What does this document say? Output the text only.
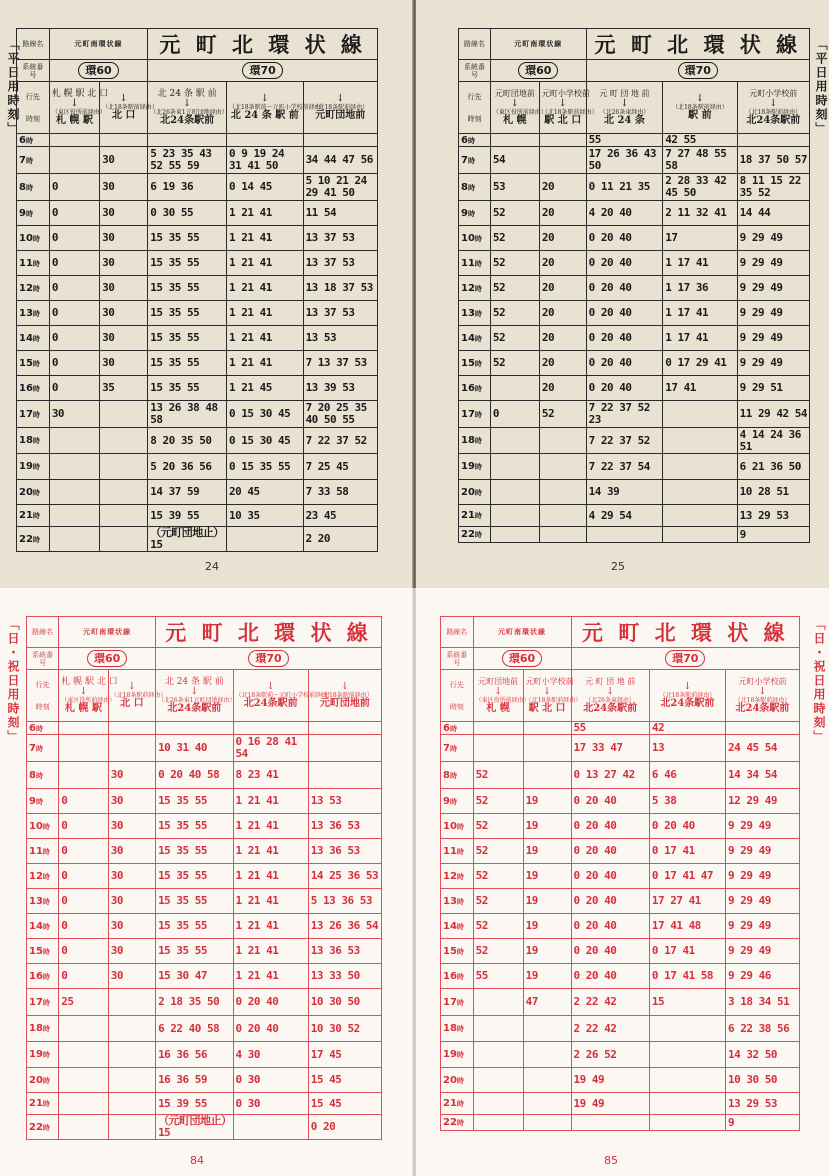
「平日用時刻」 路線名	元町南環状線		元 町 北 環 状 線		
系統番号	環60		環70		

行先
時刻	札 幌 駅 北 口
↓
（東区役所前経由）
札 幌 駅	↓
（北18条駅前経由）
北 口	北 24 条 駅 前
↓
（北26条東1元町団地経由）
北24条駅前	↓
（北18条駅前〜元町小学校前経由）
北 24 条 駅 前	↓
（北18条駅前経由）
元町団地前

6時					
7時		30	5 23 35 43 52 55 59	0 9 19 24 31 41 50	34 44 47 56
8時	0	30	6 19 36	0 14 45	5 10 21 24 29 41 50
9時	0	30	0 30 55	1 21 41	11 54
10時	0	30	15 35 55	1 21 41	13 37 53
11時	0	30	15 35 55	1 21 41	13 37 53
12時	0	30	15 35 55	1 21 41	13 18 37 53
13時	0	30	15 35 55	1 21 41	13 37 53
14時	0	30	15 35 55	1 21 41	13 53
15時	0	30	15 35 55	1 21 41	7 13 37 53
16時	0	35	15 35 55	1 21 45	13 39 53
17時	30		13 26 38 48 58	0 15 30 45	7 20 25 35 40 50 55
18時			8 20 35 50	0 15 30 45	7 22 37 52
19時			5 20 36 56	0 15 35 55	7 25 45
20時			14 37 59	20 45	7 33 58
21時			15 39 55	10 35	23 45
22時			（元町団地止）15		2 20
24
路線名	元町南環状線		元 町 北 環 状 線		
系統番号	環60		環70		

行先
時刻	元町団地前
↓
（東区役所前経由）
札 幌	元町小学校前
↓
（北18条駅前経由）
駅 北 口	元 町 団 地 前
↓
（北26条東経由）
北 24 条	↓
（北18条駅前経由）
駅 前	元町小学校前
↓
（北18条駅前経由）
北24条駅前

6時			55	42 55	
7時	54		17 26 36 43 50	7 27 48 55 58	18 37 50 57
8時	53	20	0 11 21 35	2 28 33 42 45 50	8 11 15 22 35 52
9時	52	20	4 20 40	2 11 32 41	14 44
10時	52	20	0 20 40	17	9 29 49
11時	52	20	0 20 40	1 17 41	9 29 49
12時	52	20	0 20 40	1 17 36	9 29 49
13時	52	20	0 20 40	1 17 41	9 29 49
14時	52	20	0 20 40	1 17 41	9 29 49
15時	52	20	0 20 40	0 17 29 41	9 29 49
16時		20	0 20 40	17 41	9 29 51
17時	0	52	7 22 37 52 23		11 29 42 54
18時			7 22 37 52		4 14 24 36 51
19時			7 22 37 54		6 21 36 50
20時			14 39		10 28 51
21時			4 29 54		13 29 53
22時					9
「平日用時刻」
25
「日・祝日用時刻」 路線名	元町南環状線		元 町 北 環 状 線		
系統番号	環60		環70		

行先
時刻	札 幌 駅 北 口
↓
（東区役所前経由）
札 幌 駅	↓
（北18条駅前経由）
北 口	北 24 条 駅 前
↓
（北26条東1元町団地経由）
北24条駅前	↓
（北18条駅前〜元町小学校前経由）
北24条駅前	↓
（北18条駅前経由）
元町団地前

6時					
7時			10 31 40	0 16 28 41 54	
8時		30	0 20 40 58	8 23 41	
9時	0	30	15 35 55	1 21 41	13 53
10時	0	30	15 35 55	1 21 41	13 36 53
11時	0	30	15 35 55	1 21 41	13 36 53
12時	0	30	15 35 55	1 21 41	14 25 36 53
13時	0	30	15 35 55	1 21 41	5 13 36 53
14時	0	30	15 35 55	1 21 41	13 26 36 54
15時	0	30	15 35 55	1 21 41	13 36 53
16時	0	30	15 30 47	1 21 41	13 33 50
17時	25		2 18 35 50	0 20 40	10 30 50
18時			6 22 40 58	0 20 40	10 30 52
19時			16 36 56	4 30	17 45
20時			16 36 59	0 30	15 45
21時			15 39 55	0 30	15 45
22時			（元町団地止）15		0 20
84
路線名	元町南環状線		元 町 北 環 状 線		
系統番号	環60		環70		

行先
時刻	元町団地前
↓
（東区役所前経由）
札 幌	元町小学校前
↓
（北18条駅前経由）
駅 北 口	元 町 団 地 前
↓
（北26条東経由）
北24条駅前	↓
（北18条駅前経由）
北24条駅前	元町小学校前
↓
（北18条駅前経由）
北24条駅前

6時			55	42	
7時			17 33 47	13	24 45 54
8時	52		0 13 27 42	6 46	14 34 54
9時	52	19	0 20 40	5 38	12 29 49
10時	52	19	0 20 40	0 20 40	9 29 49
11時	52	19	0 20 40	0 17 41	9 29 49
12時	52	19	0 20 40	0 17 41 47	9 29 49
13時	52	19	0 20 40	17 27 41	9 29 49
14時	52	19	0 20 40	17 41 48	9 29 49
15時	52	19	0 20 40	0 17 41	9 29 49
16時	55	19	0 20 40	0 17 41 58	9 29 46
17時		47	2 22 42	15	3 18 34 51
18時			2 22 42		6 22 38 56
19時			2 26 52		14 32 50
20時			19 49		10 30 50
21時			19 49		13 29 53
22時					9
「日・祝日用時刻」
85
